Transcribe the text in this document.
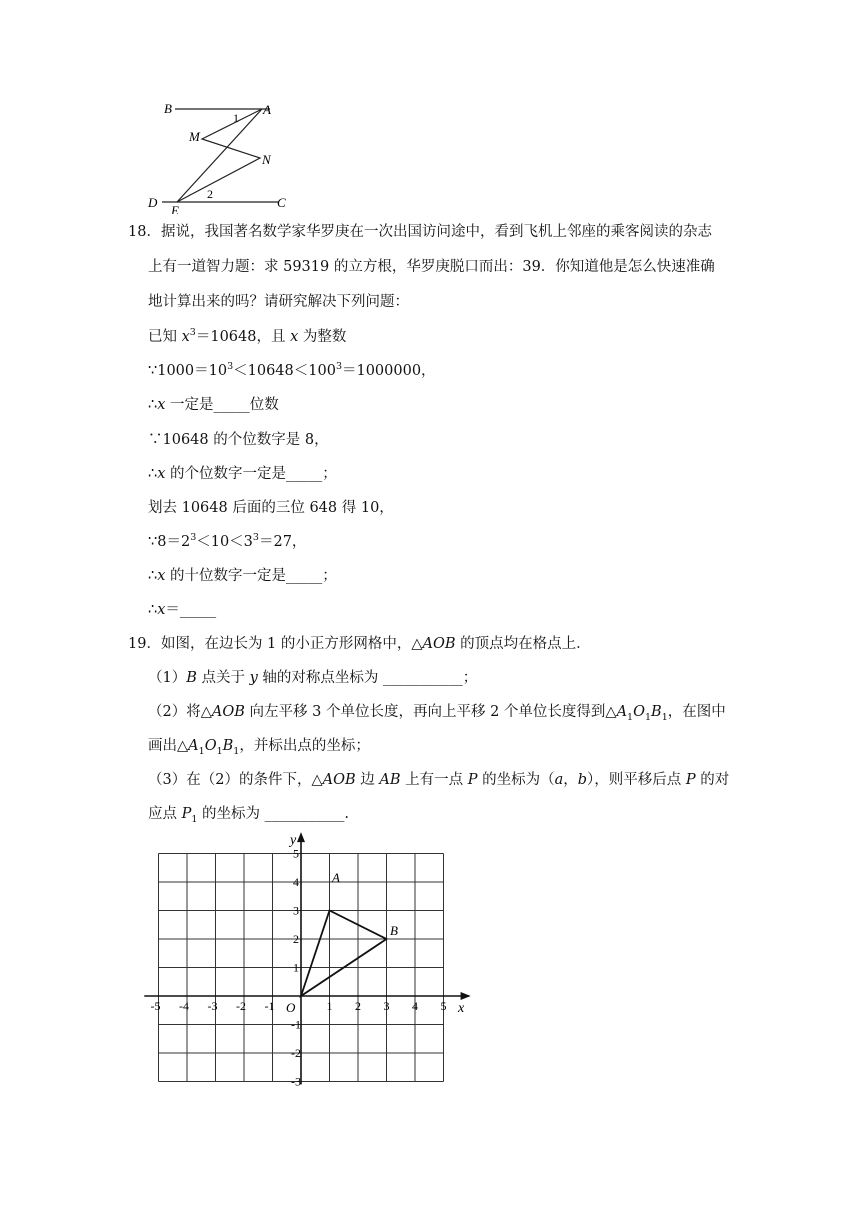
B	A
M
N
D
E
C
1
2
18．据说，我国著名数学家华罗庚在一次出国访问途中，看到飞机上邻座的乘客阅读的杂志
上有一道智力题：求 59319 的立方根，华罗庚脱口而出：39．你知道他是怎么快速准确
地计算出来的吗？请研究解决下列问题：
已知 $x^3=10648$，且 x 为整数
$\because 1000=10^3<10648<100^3=1000000$，
∴x 一定是_____位数
∵10648 的个位数字是 8，
∴x 的个位数字一定是_____；
划去 10648 后面的三位 648 得 10，
$\because 8=2^3<10<3^3=27$，
∴x 的十位数字一定是_____；
∴x＝_____
19．如图，在边长为 1 的小正方形网格中，△AOB 的顶点均在格点上．
（1）B 点关于 y 轴的对称点坐标为 ___________；
（2）将△AOB 向左平移 3 个单位长度，再向上平移 2 个单位长度得到$\triangle A_1O_1B_1$，在图中
画出$\triangle A_1O_1B_1$，并标出点的坐标；
（3）在（2）的条件下，△AOB 边 AB 上有一点 P 的坐标为（a，b），则平移后点 P 的对
应点 $P_1$ 的坐标为 ___________.
-5 -4 -3 -2 -1	1 2 3 4 5
5
4
3
2
1
-1
-2
-3
x
y
O
A
B
